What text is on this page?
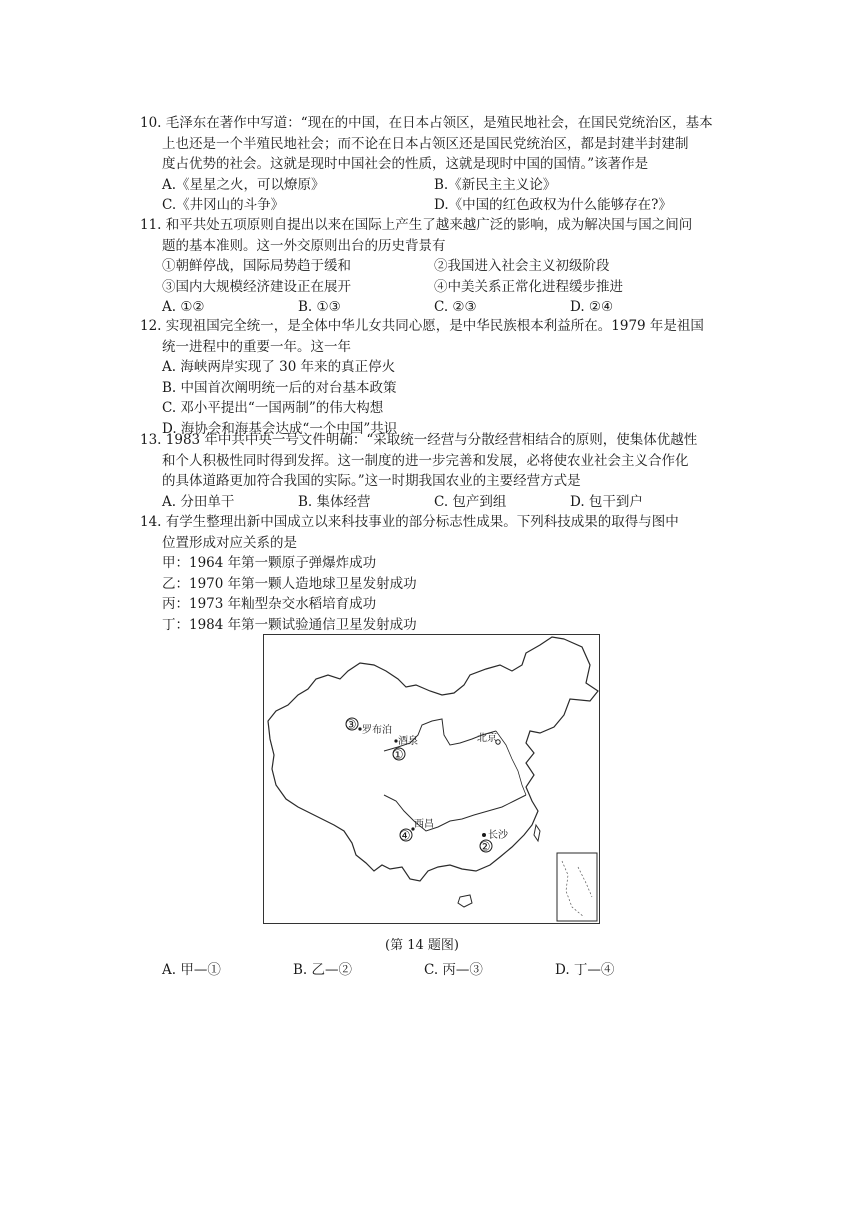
10. 毛泽东在著作中写道：“现在的中国，在日本占领区，是殖民地社会，在国民党统治区，基本
上也还是一个半殖民地社会；而不论在日本占领区还是国民党统治区，都是封建半封建制
度占优势的社会。这就是现时中国社会的性质，这就是现时中国的国情。”该著作是
A.《星星之火，可以燎原》	B.《新民主主义论》
C.《井冈山的斗争》	D.《中国的红色政权为什么能够存在?》
11. 和平共处五项原则自提出以来在国际上产生了越来越广泛的影响，成为解决国与国之间问
题的基本准则。这一外交原则出台的历史背景有
①朝鲜停战，国际局势趋于缓和	②我国进入社会主义初级阶段
③国内大规模经济建设正在展开	④中美关系正常化进程缓步推进
A. ①②	B. ①③	C. ②③	D. ②④
12. 实现祖国完全统一，是全体中华儿女共同心愿，是中华民族根本利益所在。1979 年是祖国
统一进程中的重要一年。这一年
A. 海峡两岸实现了 30 年来的真正停火
B. 中国首次阐明统一后的对台基本政策
C. 邓小平提出“一国两制”的伟大构想
D. 海协会和海基会达成“一个中国”共识
13. 1983 年中共中央一号文件明确：“采取统一经营与分散经营相结合的原则，使集体优越性
和个人积极性同时得到发挥。这一制度的进一步完善和发展，必将使农业社会主义合作化
的具体道路更加符合我国的实际。”这一时期我国农业的主要经营方式是
A. 分田单干	B. 集体经营	C. 包产到组	D. 包干到户
14. 有学生整理出新中国成立以来科技事业的部分标志性成果。下列科技成果的取得与图中
位置形成对应关系的是
甲：1964 年第一颗原子弹爆炸成功
乙：1970 年第一颗人造地球卫星发射成功
丙：1973 年籼型杂交水稻培育成功
丁：1984 年第一颗试验通信卫星发射成功
③ 罗布泊
酒泉
①
北京
④
西昌
长沙
②
(第 14 题图)
A. 甲—①	B. 乙—②	C. 丙—③	D. 丁—④
